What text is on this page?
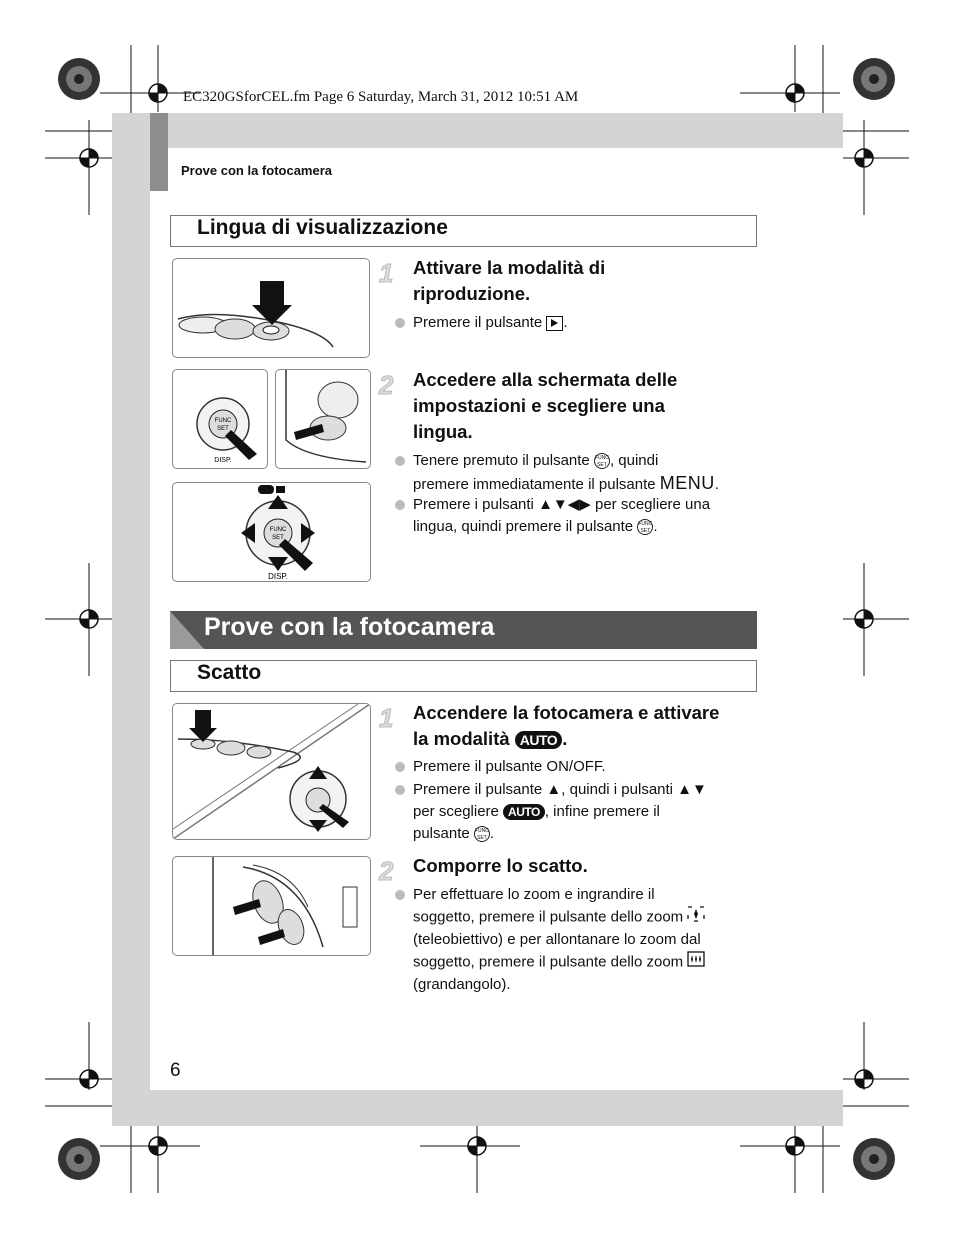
EC320GSforCEL.fm Page 6 Saturday, March 31, 2012 10:51 AM
Prove con la fotocamera
Lingua di visualizzazione
FUNC
SET
DISP.
FUNC
SET
DISP.
1 Attivare la modalità di
riproduzione.
Premere il pulsante
.
2 Accedere alla schermata delle
impostazioni e scegliere una
lingua.
Tenere premuto il pulsante FUNC
SET , quindi
premere immediatamente il pulsante MENU.
Premere i pulsanti ▲▼◀▶ per scegliere una
lingua, quindi premere il pulsante FUNC
SET .
Prove con la fotocamera
Scatto
1 Accendere la fotocamera e attivare
la modalità AUTO .
Premere il pulsante ON/OFF.
Premere il pulsante ▲, quindi i pulsanti ▲▼
per scegliere AUTO , infine premere il
pulsante FUNC
SET .
2 Comporre lo scatto.
Per effettuare lo zoom e ingrandire il
soggetto, premere il pulsante dello zoom
(teleobiettivo) e per allontanare lo zoom dal
soggetto, premere il pulsante dello zoom
(grandangolo).
6
